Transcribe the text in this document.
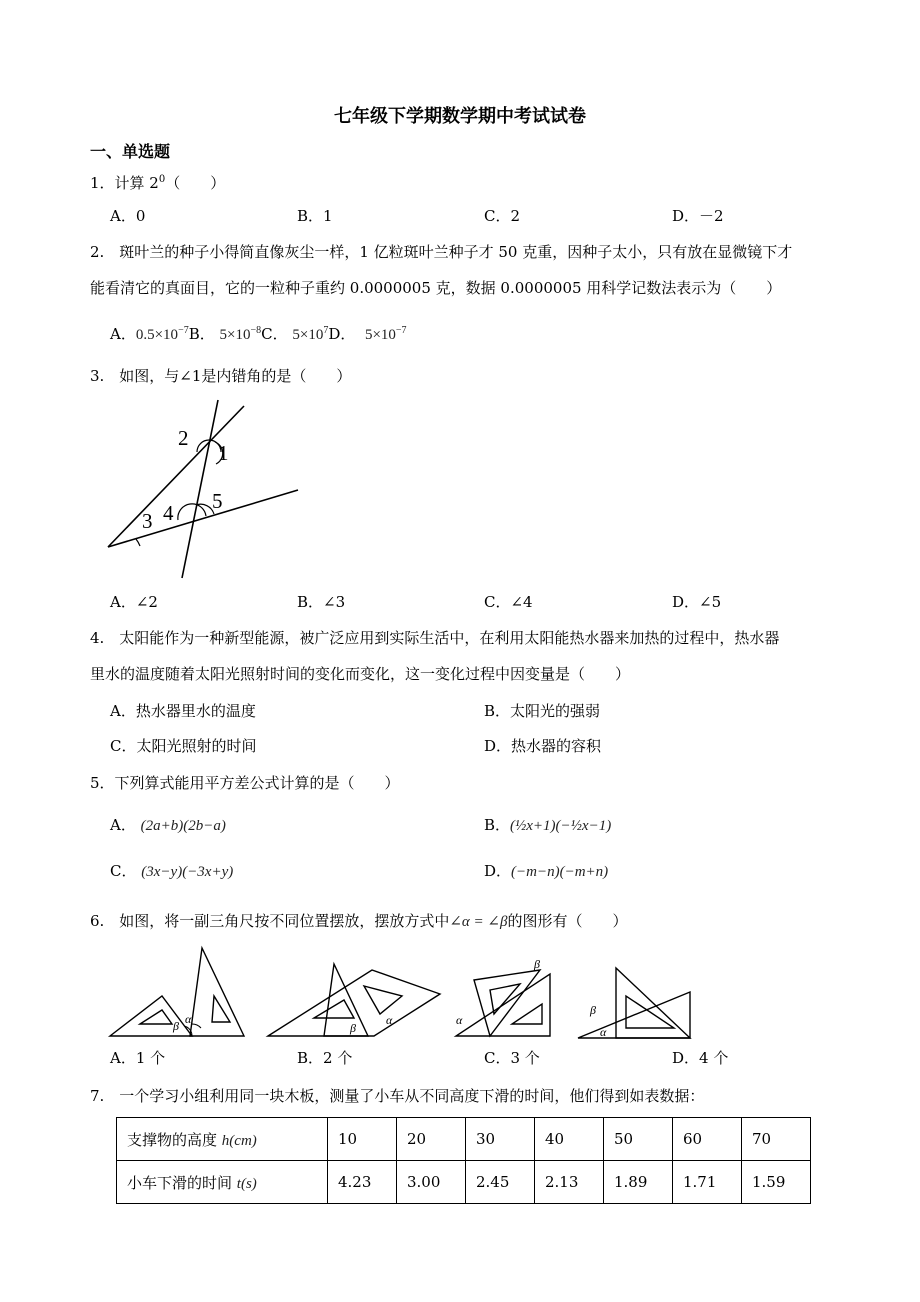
七年级下学期数学期中考试试卷
一、单选题
1．计算 $2^0$（　　）
A．0	B．1	C．2	D．－2
2.　斑叶兰的种子小得简直像灰尘一样，1 亿粒斑叶兰种子才 50 克重，因种子太小，只有放在显微镜下才
能看清它的真面目，它的一粒种子重约 0.0000005 克，数据 0.0000005 用科学记数法表示为（　　）
A．$0.5\times 10^{-7}B$． $5\times 10^{-8}C$． $5\times 10^7D$． $5\times 10^{-7}$
3.　如图，与∠1是内错角的是（　　）
2
1
5
3 4
A．∠2	B．∠3	C．∠4	D．∠5
4.　太阳能作为一种新型能源，被广泛应用到实际生活中，在利用太阳能热水器来加热的过程中，热水器
里水的温度随着太阳光照射时间的变化而变化，这一变化过程中因变量是（　　）
A．热水器里水的温度	B．太阳光的强弱
C．太阳光照射的时间	D．热水器的容积
5．下列算式能用平方差公式计算的是（　　）
A． (2a+b)(2b−a)	B．(½x+1)(−½x−1)
C． (3x−y)(−3x+y)	D．(−m−n)(−m+n)
6.　如图，将一副三角尺按不同位置摆放，摆放方式中∠α = ∠β的图形有（　　）
α
β	β
α
β
α
β
α
A．1 个	B．2 个	C．3 个	D．4 个
7.　一个学习小组利用同一块木板，测量了小车从不同高度下滑的时间，他们得到如表数据：
支撑物的高度 h(cm)	10	20	30	40	50	60	70
小车下滑的时间 t(s)	4.23	3.00	2.45	2.13	1.89	1.71	1.59
